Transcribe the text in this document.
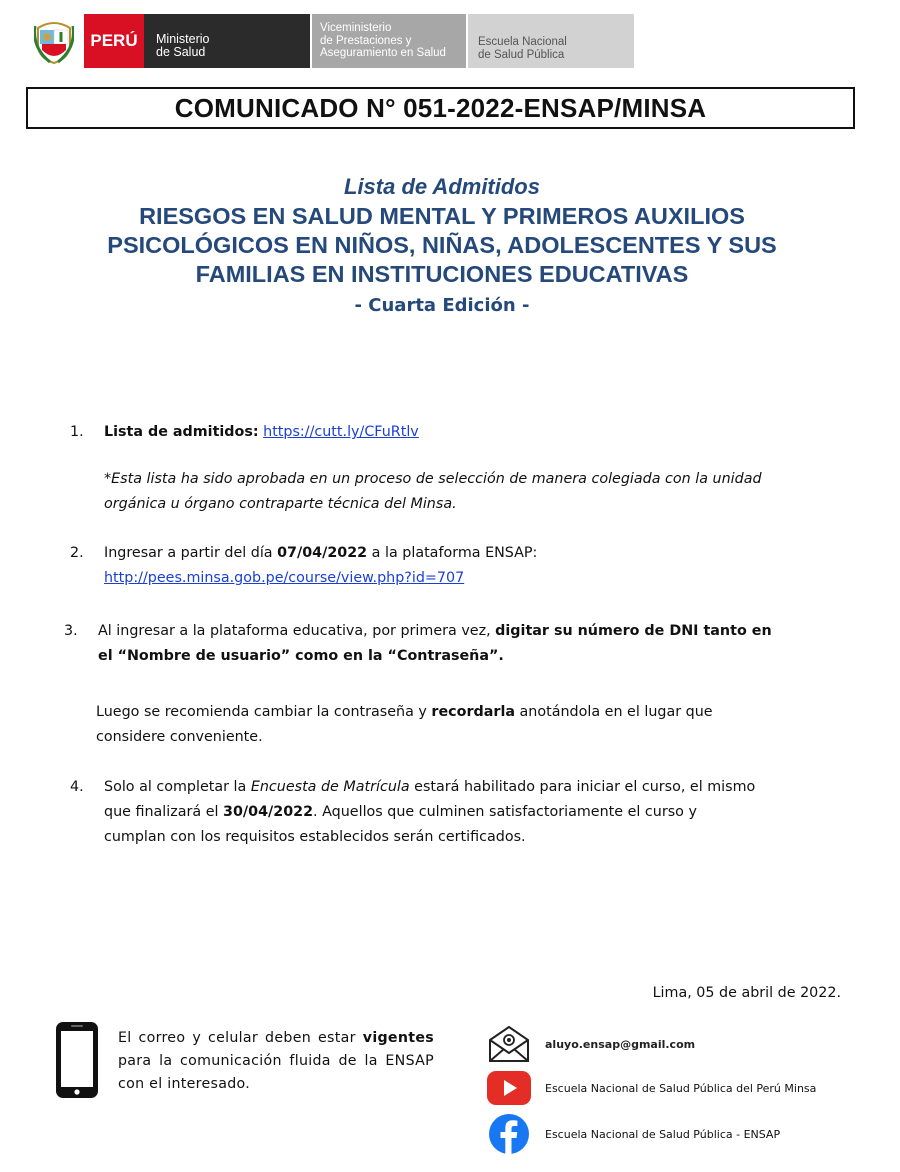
PERÚ	Ministerio
de Salud
Viceministerio
de Prestaciones y
Aseguramiento en Salud
Escuela Nacional
de Salud Pública
COMUNICADO N° 051-2022-ENSAP/MINSA
Lista de Admitidos
RIESGOS EN SALUD MENTAL Y PRIMEROS AUXILIOS
PSICOLÓGICOS EN NIÑOS, NIÑAS, ADOLESCENTES Y SUS
FAMILIAS EN INSTITUCIONES EDUCATIVAS
- Cuarta Edición -
1. Lista de admitidos: https://cutt.ly/CFuRtlv
*Esta lista ha sido aprobada en un proceso de selección de manera colegiada con la unidad
orgánica u órgano contraparte técnica del Minsa.
2. Ingresar a partir del día 07/04/2022 a la plataforma ENSAP:
http://pees.minsa.gob.pe/course/view.php?id=707
3. Al ingresar a la plataforma educativa, por primera vez, digitar su número de DNI tanto en
el “Nombre de usuario” como en la “Contraseña”.
Luego se recomienda cambiar la contraseña y recordarla anotándola en el lugar que
considere conveniente.
4. Solo al completar la Encuesta de Matrícula estará habilitado para iniciar el curso, el mismo
que finalizará el 30/04/2022. Aquellos que culminen satisfactoriamente el curso y
cumplan con los requisitos establecidos serán certificados.
Lima, 05 de abril de 2022.
El correo y celular deben estar vigentes para la comunicación fluida de la ENSAP con el interesado.
aluyo.ensap@gmail.com
Escuela Nacional de Salud Pública del Perú Minsa
Escuela Nacional de Salud Pública - ENSAP
